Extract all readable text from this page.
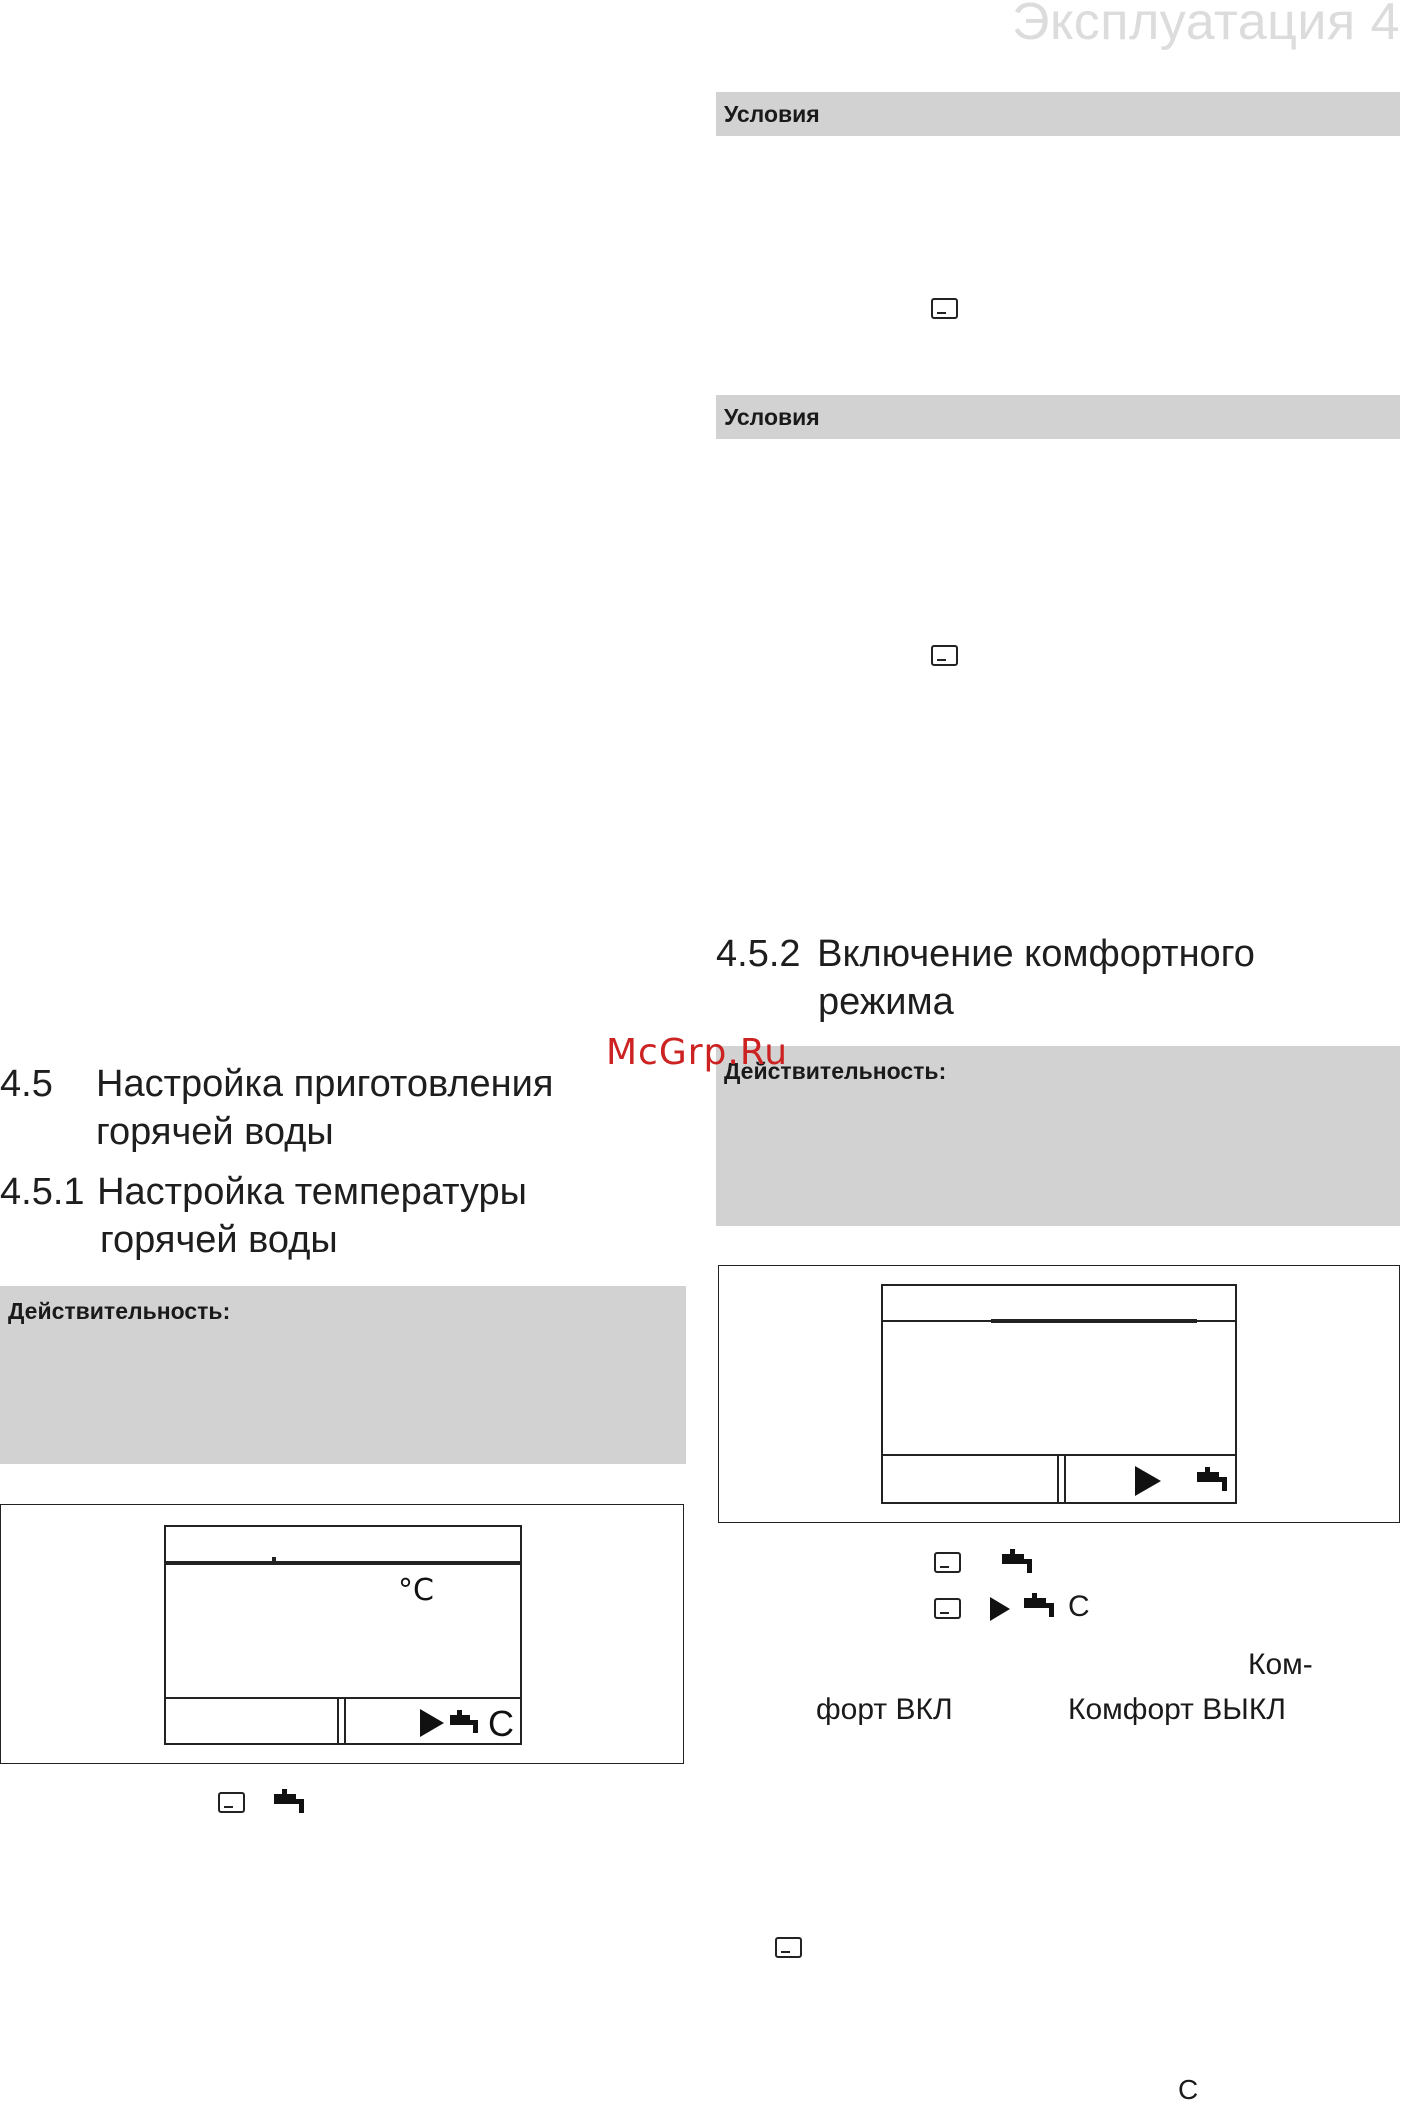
Эксплуатация 4
Условия
Условия
4.5.2 Включение комфортного
режима
Действительность:
C
Ком-
форт ВКЛ	Комфорт ВЫКЛ
C
4.5 Настройка приготовления
горячей воды
4.5.1 Настройка температуры
горячей воды
Действительность:
°C
C
McGrp.Ru
